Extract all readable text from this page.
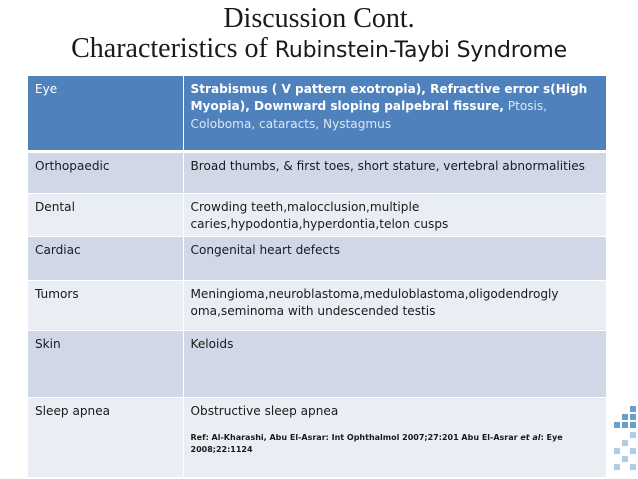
Discussion Cont.
Characteristics of Rubinstein-Taybi Syndrome
Eye	Strabismus ( V pattern exotropia), Refractive error s(High Myopia), Downward sloping palpebral fissure, Ptosis, Coloboma, cataracts, Nystagmus
Orthopaedic	Broad thumbs, & first toes, short stature, vertebral abnormalities
Dental	Crowding teeth,malocclusion,multiple caries,hypodontia,hyperdontia,telon cusps
Cardiac	Congenital heart defects
Tumors	Meningioma,neuroblastoma,meduloblastoma,oligodendrogly oma,seminoma with undescended testis
Skin	Keloids
Sleep apnea	Obstructive sleep apnea
Ref: Al-Kharashi, Abu El-Asrar: Int Ophthalmol 2007;27:201 Abu El-Asrar et al: Eye 2008;22:1124
